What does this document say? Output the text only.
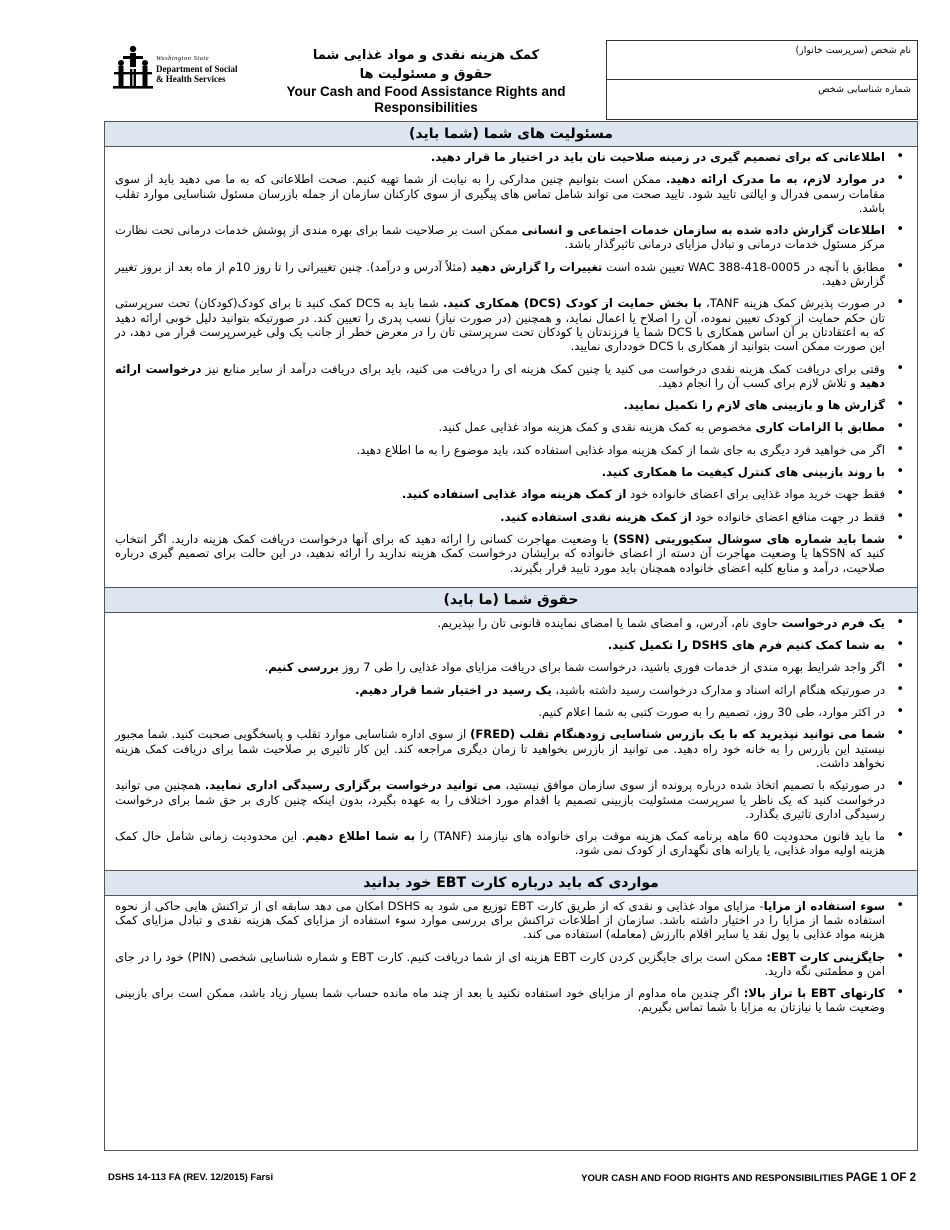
Washington State
Department of Social
& Health Services
کمک هزینه نقدی و مواد غذایی شما
حقوق و مسئولیت ها
Your Cash and Food Assistance Rights and Responsibilities
نام شخص (سرپرست خانوار)
شماره شناسایی شخص
مسئولیت های شما (شما باید)
• اطلاعاتی که برای تصمیم گیری در زمینه صلاحیت تان باید در اختیار ما قرار دهید.
• در موارد لازم، به ما مدرک ارائه دهید. ممکن است بتوانیم چنین مدارکی را به نیابت از شما تهیه کنیم. صحت اطلاعاتی که به ما می دهید باید از سوی مقامات رسمی فدرال و ایالتی تایید شود. تایید صحت می تواند شامل تماس های پیگیری از سوی کارکنان سازمان از جمله بازرسان مسئول شناسایی موارد تقلب باشد.
• اطلاعات گزارش داده شده به سازمان خدمات اجتماعی و انسانی ممکن است بر صلاحیت شما برای بهره مندی از پوشش خدمات درمانی تحت نظارت مرکز مسئول خدمات درمانی و تبادل مزایای درمانی تاثیرگذار باشد.
• مطابق با آنچه در WAC 388-418-0005 تعیین شده است تغییرات را گزارش دهید (مثلاً آدرس و درآمد). چنین تغییراتی را تا روز 10م از ماه بعد از بروز تغییر گزارش دهید.
• در صورت پذیرش کمک هزینه TANF، با بخش حمایت از کودک (DCS) همکاری کنید. شما باید به DCS کمک کنید تا برای کودک(کودکان) تحت سرپرستی تان حکم حمایت از کودک تعیین نموده، آن را اصلاح یا اعمال نماید، و همچنین (در صورت نیاز) نسب پدری را تعیین کند. در صورتیکه بتوانید دلیل خوبی ارائه دهید که به اعتقادتان بر آن اساس همکاری با DCS شما یا فرزندتان یا کودکان تحت سرپرستی تان را در معرض خطر از جانب یک ولی غیرسرپرست قرار می دهد، در این صورت ممکن است بتوانید از همکاری با DCS خودداری نمایید.
• وقتی برای دریافت کمک هزینه نقدی درخواست می کنید یا چنین کمک هزینه ای را دریافت می کنید، باید برای دریافت درآمد از سایر منابع نیز درخواست ارائه دهید و تلاش لازم برای کسب آن را انجام دهید.
• گزارش ها و بازبینی های لازم را تکمیل نمایید.
• مطابق با الزامات کاری مخصوص به کمک هزینه نقدی و کمک هزینه مواد غذایی عمل کنید.
• اگر می خواهید فرد دیگری به جای شما از کمک هزینه مواد غذایی استفاده کند، باید موضوع را به ما اطلاع دهید.
• با روند بازبینی های کنترل کیفیت ما همکاری کنید.
• فقط جهت خرید مواد غذایی برای اعضای خانواده خود از کمک هزینه مواد غذایی استفاده کنید.
• فقط در جهت منافع اعضای خانواده خود از کمک هزینه نقدی استفاده کنید.
• شما باید شماره های سوشال سکیوریتی (SSN) یا وضعیت مهاجرت کسانی را ارائه دهید که برای آنها درخواست دریافت کمک هزینه دارید. اگر انتخاب کنید که SSNها یا وضعیت مهاجرت آن دسته از اعضای خانواده که برایشان درخواست کمک هزینه ندارید را ارائه ندهید، در این حالت برای تصمیم گیری درباره صلاحیت، درآمد و منابع کلیه اعضای خانواده همچنان باید مورد تایید قرار بگیرند.
حقوق شما (ما باید)
• یک فرم درخواست حاوی نام، آدرس، و امضای شما یا امضای نماینده قانونی تان را بپذیریم.
• به شما کمک کنیم فرم های DSHS را تکمیل کنید.
• اگر واجد شرایط بهره مندی از خدمات فوری باشید، درخواست شما برای دریافت مزایای مواد غذایی را طی 7 روز بررسی کنیم.
• در صورتیکه هنگام ارائه اسناد و مدارک درخواست رسید داشته باشید، یک رسید در اختیار شما قرار دهیم.
• در اکثر موارد، طی 30 روز، تصمیم را به صورت کتبی به شما اعلام کنیم.
• شما می توانید نپذیرید که با یک بازرس شناسایی زودهنگام تقلب (FRED) از سوی اداره شناسایی موارد تقلب و پاسخگویی صحبت کنید. شما مجبور نیستید این بازرس را به خانه خود راه دهید. می توانید از بازرس بخواهید تا زمان دیگری مراجعه کند. این کار تاثیری بر صلاحیت شما برای دریافت کمک هزینه نخواهد داشت.
• در صورتیکه با تصمیم اتخاذ شده درباره پرونده از سوی سازمان موافق نیستید، می توانید درخواست برگزاری رسیدگی اداری نمایید. همچنین می توانید درخواست کنید که یک ناظر یا سرپرست مسئولیت بازبینی تصمیم یا اقدام مورد اختلاف را به عهده بگیرد، بدون اینکه چنین کاری بر حق شما برای درخواست رسیدگی اداری تاثیری بگذارد.
• ما باید قانون محدودیت 60 ماهه برنامه کمک هزینه موقت برای خانواده های نیازمند (TANF) را به شما اطلاع دهیم. این محدودیت زمانی شامل حال کمک هزینه اولیه مواد غذایی، یا یارانه های نگهداری از کودک نمی شود.
مواردی که باید درباره کارت EBT خود بدانید
• سوء استفاده از مزایا- مزایای مواد غذایی و نقدی که از طریق کارت EBT توزیع می شود به DSHS امکان می دهد سابقه ای از تراکنش هایی حاکی از نحوه استفاده شما از مزایا را در اختیار داشته باشد. سازمان از اطلاعات تراکنش برای بررسی موارد سوء استفاده از مزایای کمک هزینه نقدی و تبادل مزایای کمک هزینه مواد غذایی با پول نقد یا سایر اقلام باارزش (معامله) استفاده می کند.
• جایگزینی کارت EBT: ممکن است برای جایگزین کردن کارت EBT هزینه ای از شما دریافت کنیم. کارت EBT و شماره شناسایی شخصی (PIN) خود را در جای امن و مطمئنی نگه دارید.
• کارتهای EBT با تراز بالا: اگر چندین ماه مداوم از مزایای خود استفاده نکنید یا بعد از چند ماه مانده حساب شما بسیار زیاد باشد، ممکن است برای بازبینی وضعیت شما یا نیازتان به مزایا با شما تماس بگیریم.
DSHS 14-113 FA (REV. 12/2015) Farsi	YOUR CASH AND FOOD RIGHTS AND RESPONSIBILITIES PAGE 1 OF 2
